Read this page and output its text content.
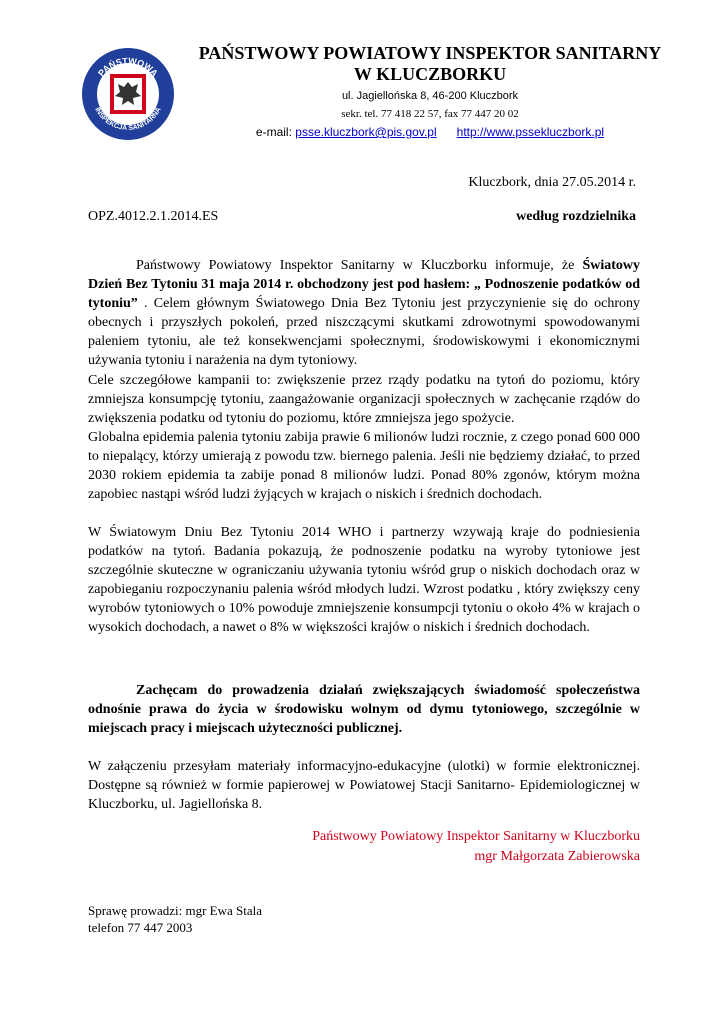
PAŃSTWOWA
INSPEKCJA SANITARNA
PAŃSTWOWY POWIATOWY INSPEKTOR SANITARNY
W KLUCZBORKU
ul. Jagiellońska 8, 46-200 Kluczbork
sekr. tel. 77 418 22 57, fax 77 447 20 02
e-mail: psse.kluczbork@pis.gov.pl http://www.pssekluczbork.pl
Kluczbork, dnia 27.05.2014 r.
OPZ.4012.2.1.2014.ES	według rozdzielnika
Państwowy Powiatowy Inspektor Sanitarny w Kluczborku informuje, że Światowy Dzień Bez Tytoniu 31 maja 2014 r. obchodzony jest pod hasłem: „ Podnoszenie podatków od tytoniu” . Celem głównym Światowego Dnia Bez Tytoniu jest przyczynienie się do ochrony obecnych i przyszłych pokoleń, przed niszczącymi skutkami zdrowotnymi spowodowanymi paleniem tytoniu, ale też konsekwencjami społecznymi, środowiskowymi i ekonomicznymi używania tytoniu i narażenia na dym tytoniowy.
Cele szczegółowe kampanii to: zwiększenie przez rządy podatku na tytoń do poziomu, który zmniejsza konsumpcję tytoniu, zaangażowanie organizacji społecznych w zachęcanie rządów do zwiększenia podatku od tytoniu do poziomu, które zmniejsza jego spożycie.
Globalna epidemia palenia tytoniu zabija prawie 6 milionów ludzi rocznie, z czego ponad 600 000 to niepalący, którzy umierają z powodu tzw. biernego palenia. Jeśli nie będziemy działać, to przed 2030 rokiem epidemia ta zabije ponad 8 milionów ludzi. Ponad 80% zgonów, którym można zapobiec nastąpi wśród ludzi żyjących w krajach o niskich i średnich dochodach.
W Światowym Dniu Bez Tytoniu 2014 WHO i partnerzy wzywają kraje do podniesienia podatków na tytoń. Badania pokazują, że podnoszenie podatku na wyroby tytoniowe jest szczególnie skuteczne w ograniczaniu używania tytoniu wśród grup o niskich dochodach oraz w zapobieganiu rozpoczynaniu palenia wśród młodych ludzi. Wzrost podatku , który zwiększy ceny wyrobów tytoniowych o 10% powoduje zmniejszenie konsumpcji tytoniu o około 4% w krajach o wysokich dochodach, a nawet o 8% w większości krajów o niskich i średnich dochodach.
Zachęcam do prowadzenia działań zwiększających świadomość społeczeństwa odnośnie prawa do życia w środowisku wolnym od dymu tytoniowego, szczególnie w miejscach pracy i miejscach użyteczności publicznej.
W załączeniu przesyłam materiały informacyjno-edukacyjne (ulotki) w formie elektronicznej. Dostępne są również w formie papierowej w Powiatowej Stacji Sanitarno- Epidemiologicznej w Kluczborku, ul. Jagiellońska 8.
Państwowy Powiatowy Inspektor Sanitarny w Kluczborku
mgr Małgorzata Zabierowska
Sprawę prowadzi: mgr Ewa Stala
telefon 77 447 2003
